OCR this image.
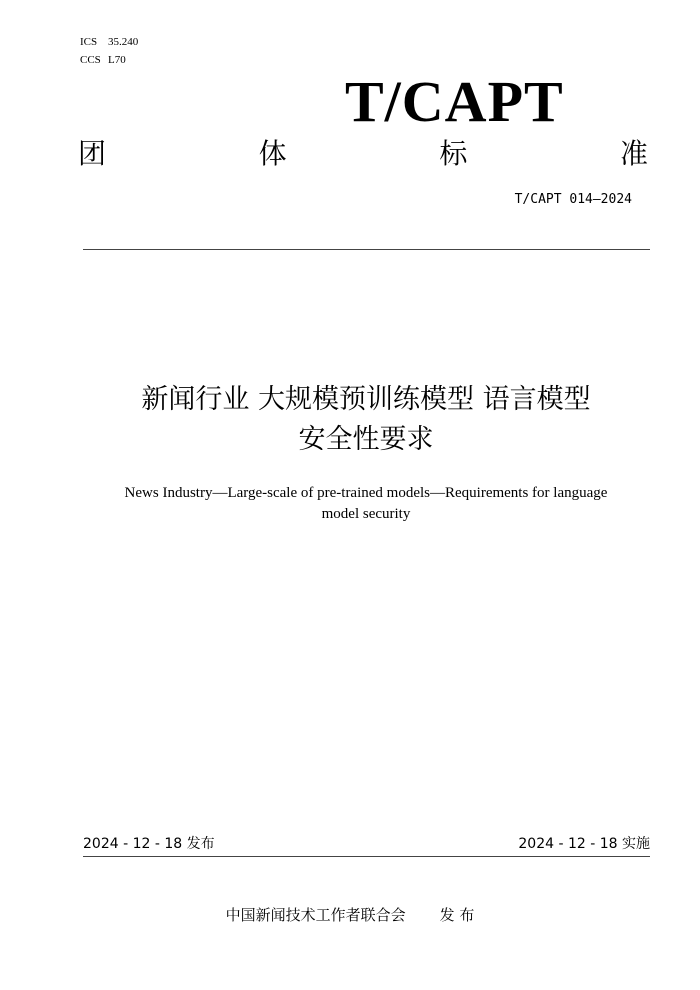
ICS 35.240
CCS L70
T/CAPT
团	体	标	准
T/CAPT 014—2024
新闻行业 大规模预训练模型 语言模型
安全性要求
News Industry—Large-scale of pre-trained models—Requirements for language
model security
2024 - 12 - 18 发布	2024 - 12 - 18 实施
中国新闻技术工作者联合会 发 布
